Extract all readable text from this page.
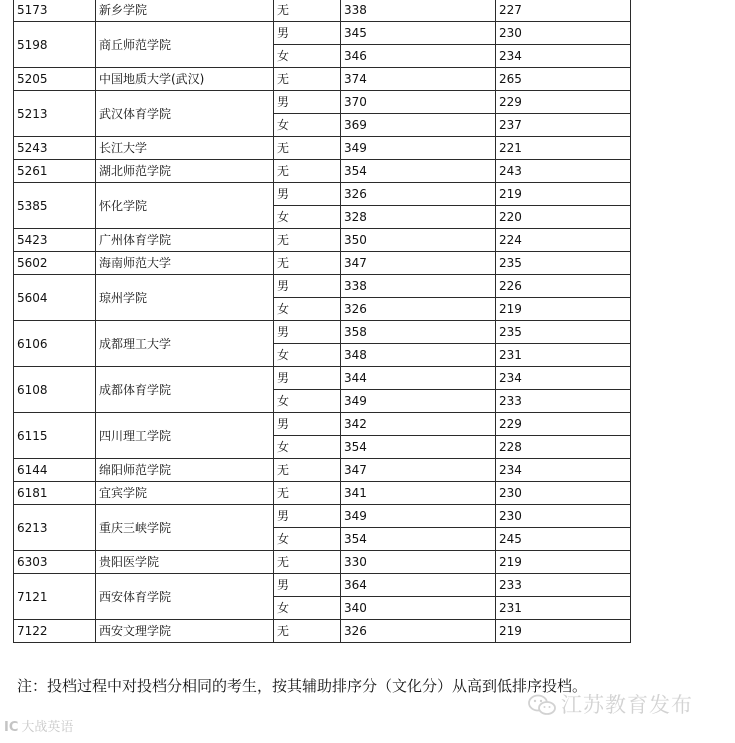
5173	新乡学院	无	338	227
5198	商丘师范学院	男	345	230
		女	346	234
5205	中国地质大学(武汉)	无	374	265
5213	武汉体育学院	男	370	229
		女	369	237
5243	长江大学	无	349	221
5261	湖北师范学院	无	354	243
5385	怀化学院	男	326	219
		女	328	220
5423	广州体育学院	无	350	224
5602	海南师范大学	无	347	235
5604	琼州学院	男	338	226
		女	326	219
6106	成都理工大学	男	358	235
		女	348	231
6108	成都体育学院	男	344	234
		女	349	233
6115	四川理工学院	男	342	229
		女	354	228
6144	绵阳师范学院	无	347	234
6181	宜宾学院	无	341	230
6213	重庆三峡学院	男	349	230
		女	354	245
6303	贵阳医学院	无	330	219
7121	西安体育学院	男	364	233
		女	340	231
7122	西安文理学院	无	326	219
注：投档过程中对投档分相同的考生，按其辅助排序分（文化分）从高到低排序投档。
IC 大战英语
江苏教育发布
